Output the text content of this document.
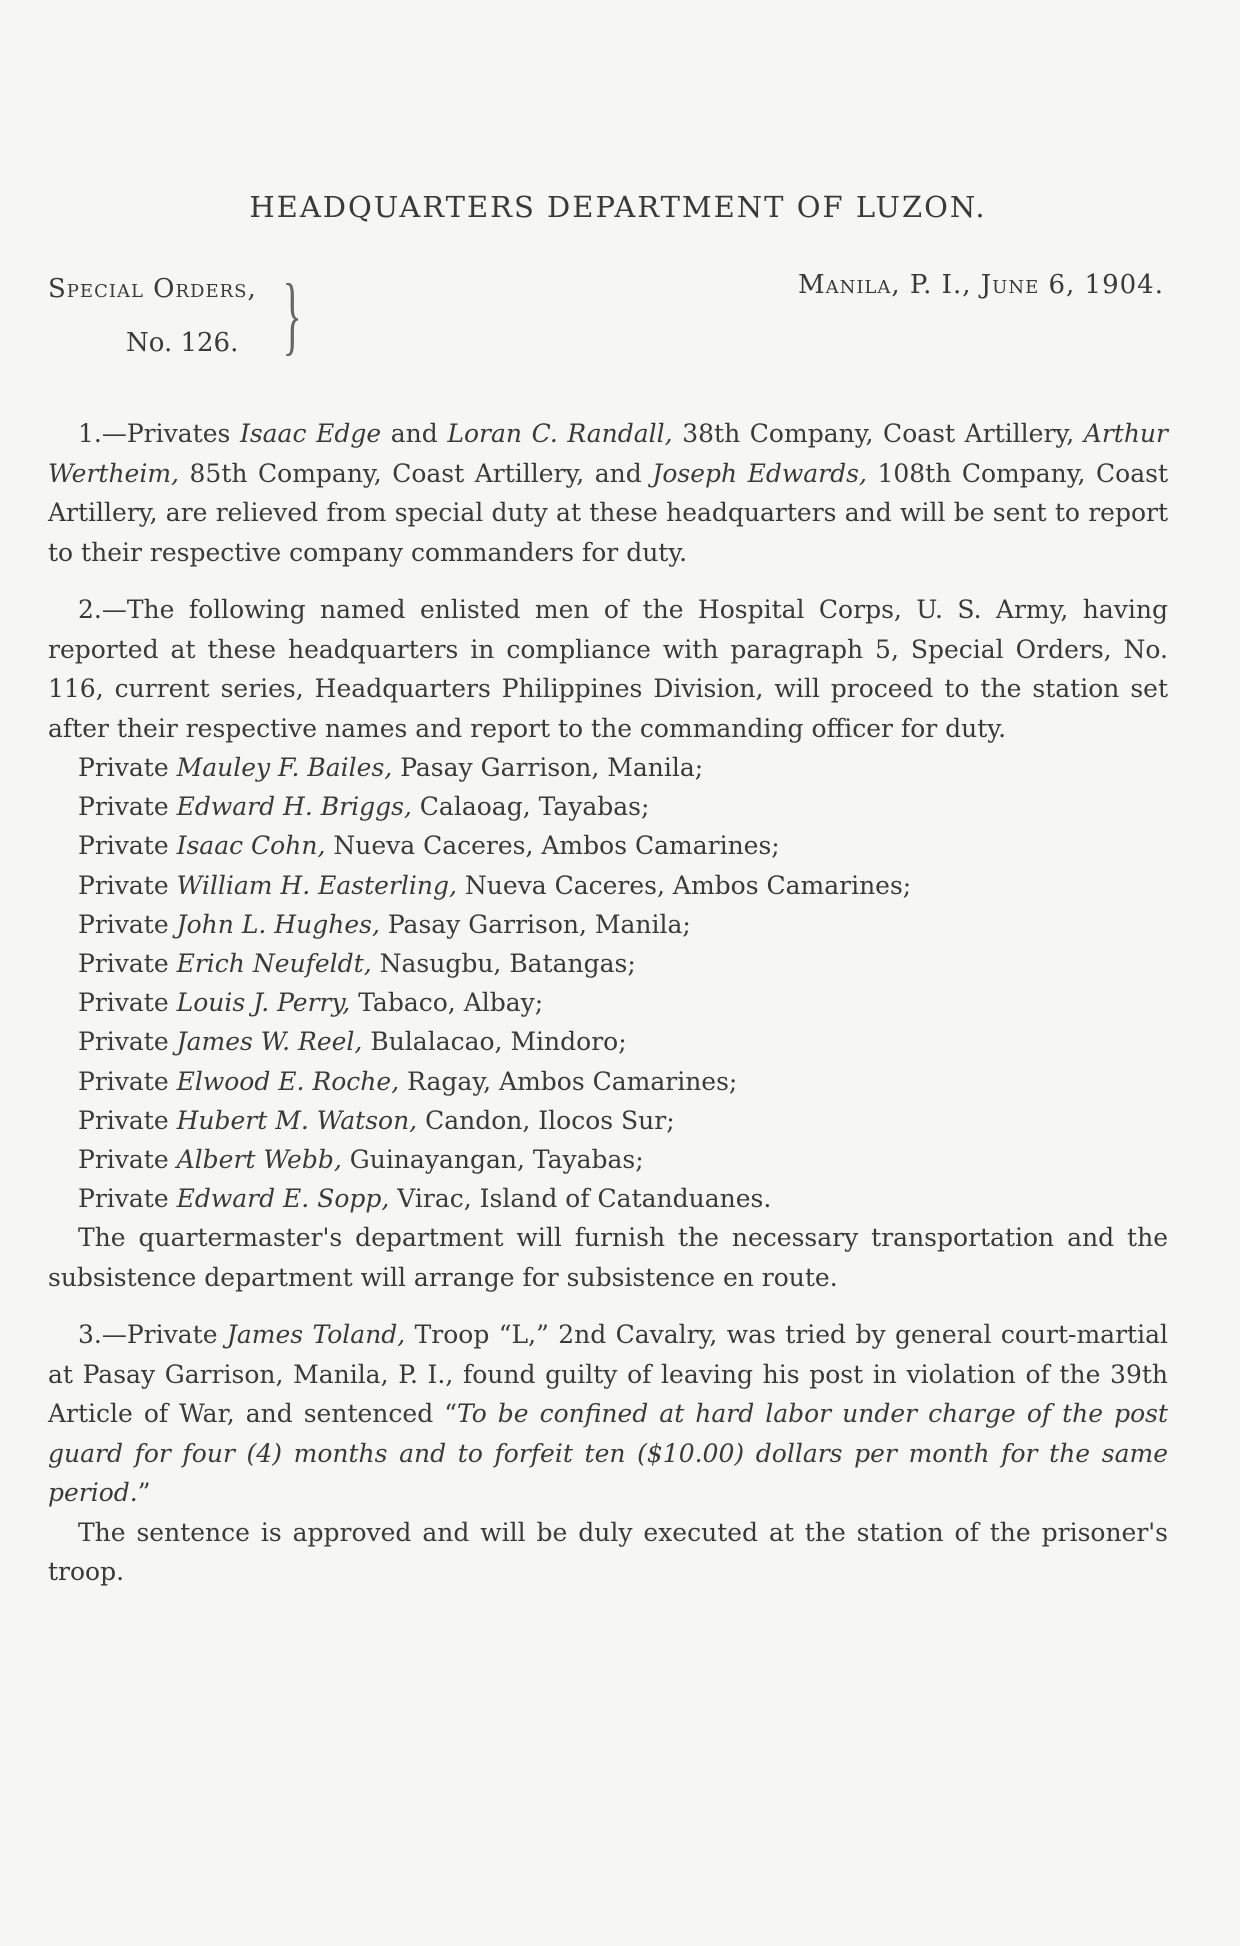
HEADQUARTERS DEPARTMENT OF LUZON.
Special Orders,
No. 126. }	Manila, P. I., June 6, 1904.

1.—Privates Isaac Edge and Loran C. Randall, 38th Company, Coast Artillery, Arthur Wertheim, 85th Company, Coast Artillery, and Joseph Edwards, 108th Company, Coast Artillery, are relieved from special duty at these headquarters and will be sent to report to their respective company commanders for duty.

2.—The following named enlisted men of the Hospital Corps, U. S. Army, having reported at these headquarters in compliance with paragraph 5, Special Orders, No. 116, current series, Headquarters Philippines Division, will proceed to the station set after their respective names and report to the commanding officer for duty.

Private Mauley F. Bailes, Pasay Garrison, Manila;
Private Edward H. Briggs, Calaoag, Tayabas;
Private Isaac Cohn, Nueva Caceres, Ambos Camarines;
Private William H. Easterling, Nueva Caceres, Ambos Camarines;
Private John L. Hughes, Pasay Garrison, Manila;
Private Erich Neufeldt, Nasugbu, Batangas;
Private Louis J. Perry, Tabaco, Albay;
Private James W. Reel, Bulalacao, Mindoro;
Private Elwood E. Roche, Ragay, Ambos Camarines;
Private Hubert M. Watson, Candon, Ilocos Sur;
Private Albert Webb, Guinayangan, Tayabas;
Private Edward E. Sopp, Virac, Island of Catanduanes.

The quartermaster's department will furnish the necessary transportation and the subsistence department will arrange for subsistence en route.

3.—Private James Toland, Troop “L,” 2nd Cavalry, was tried by general court-martial at Pasay Garrison, Manila, P. I., found guilty of leaving his post in violation of the 39th Article of War, and sentenced “To be confined at hard labor under charge of the post guard for four (4) months and to forfeit ten ($10.00) dollars per month for the same period.”

The sentence is approved and will be duly executed at the station of the prisoner's troop.
